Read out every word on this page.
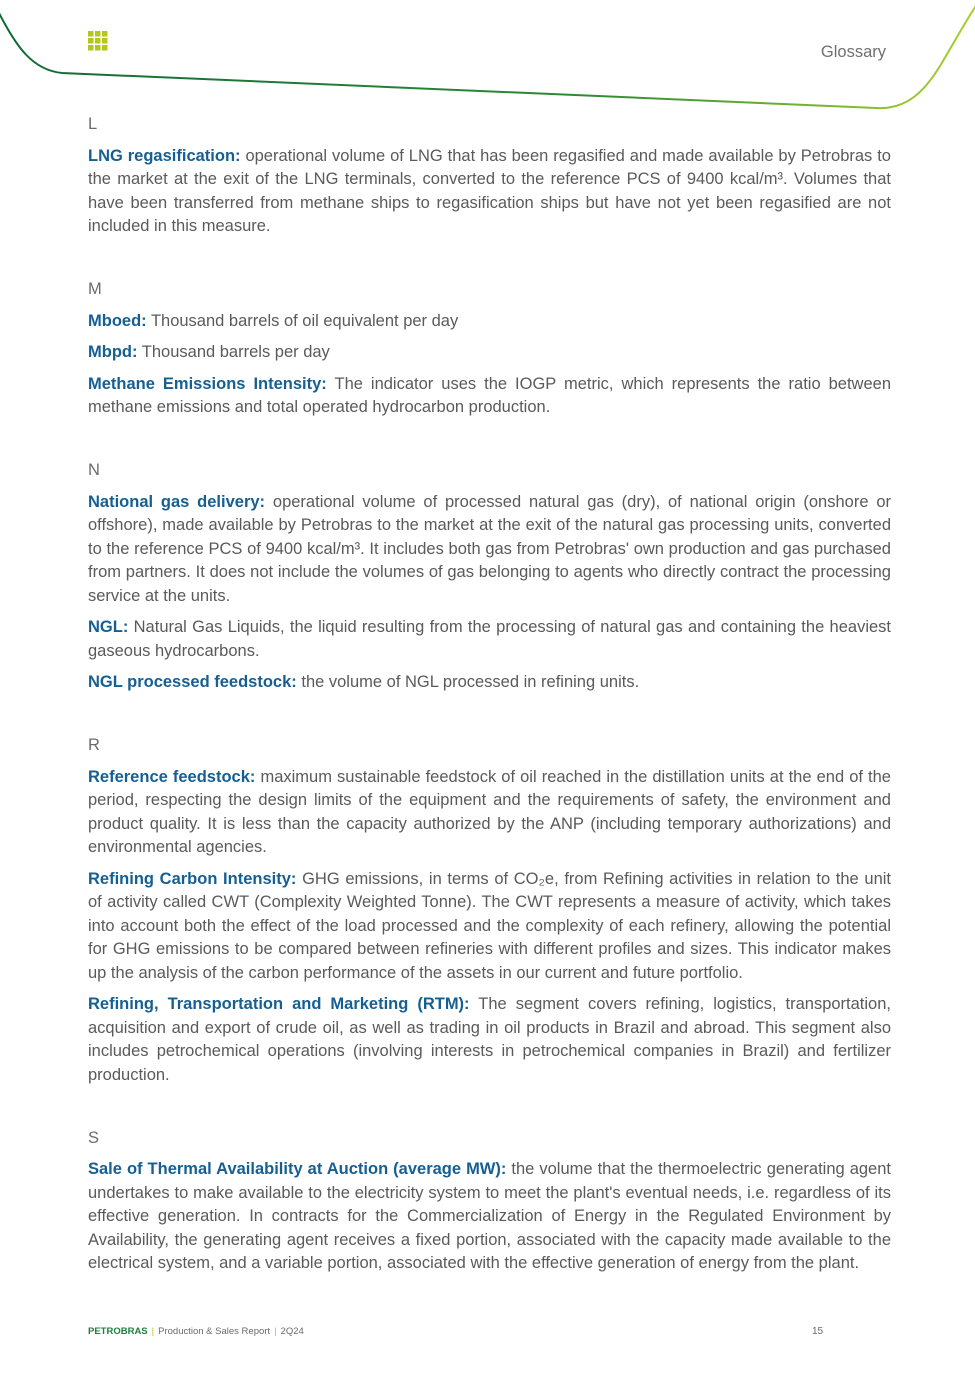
Glossary
L

LNG regasification: operational volume of LNG that has been regasified and made available by Petrobras to the market at the exit of the LNG terminals, converted to the reference PCS of 9400 kcal/m³. Volumes that have been transferred from methane ships to regasification ships but have not yet been regasified are not included in this measure.

M

Mboed: Thousand barrels of oil equivalent per day

Mbpd: Thousand barrels per day

Methane Emissions Intensity: The indicator uses the IOGP metric, which represents the ratio between methane emissions and total operated hydrocarbon production.

N

National gas delivery: operational volume of processed natural gas (dry), of national origin (onshore or offshore), made available by Petrobras to the market at the exit of the natural gas processing units, converted to the reference PCS of 9400 kcal/m³. It includes both gas from Petrobras' own production and gas purchased from partners. It does not include the volumes of gas belonging to agents who directly contract the processing service at the units.

NGL: Natural Gas Liquids, the liquid resulting from the processing of natural gas and containing the heaviest gaseous hydrocarbons.

NGL processed feedstock: the volume of NGL processed in refining units.

R

Reference feedstock: maximum sustainable feedstock of oil reached in the distillation units at the end of the period, respecting the design limits of the equipment and the requirements of safety, the environment and product quality. It is less than the capacity authorized by the ANP (including temporary authorizations) and environmental agencies.

Refining Carbon Intensity: GHG emissions, in terms of CO₂e, from Refining activities in relation to the unit of activity called CWT (Complexity Weighted Tonne). The CWT represents a measure of activity, which takes into account both the effect of the load processed and the complexity of each refinery, allowing the potential for GHG emissions to be compared between refineries with different profiles and sizes. This indicator makes up the analysis of the carbon performance of the assets in our current and future portfolio.

Refining, Transportation and Marketing (RTM): The segment covers refining, logistics, transportation, acquisition and export of crude oil, as well as trading in oil products in Brazil and abroad. This segment also includes petrochemical operations (involving interests in petrochemical companies in Brazil) and fertilizer production.

S

Sale of Thermal Availability at Auction (average MW): the volume that the thermoelectric generating agent undertakes to make available to the electricity system to meet the plant's eventual needs, i.e. regardless of its effective generation. In contracts for the Commercialization of Energy in the Regulated Environment by Availability, the generating agent receives a fixed portion, associated with the capacity made available to the electrical system, and a variable portion, associated with the effective generation of energy from the plant.

PETROBRAS | Production & Sales Report | 2Q24	15
